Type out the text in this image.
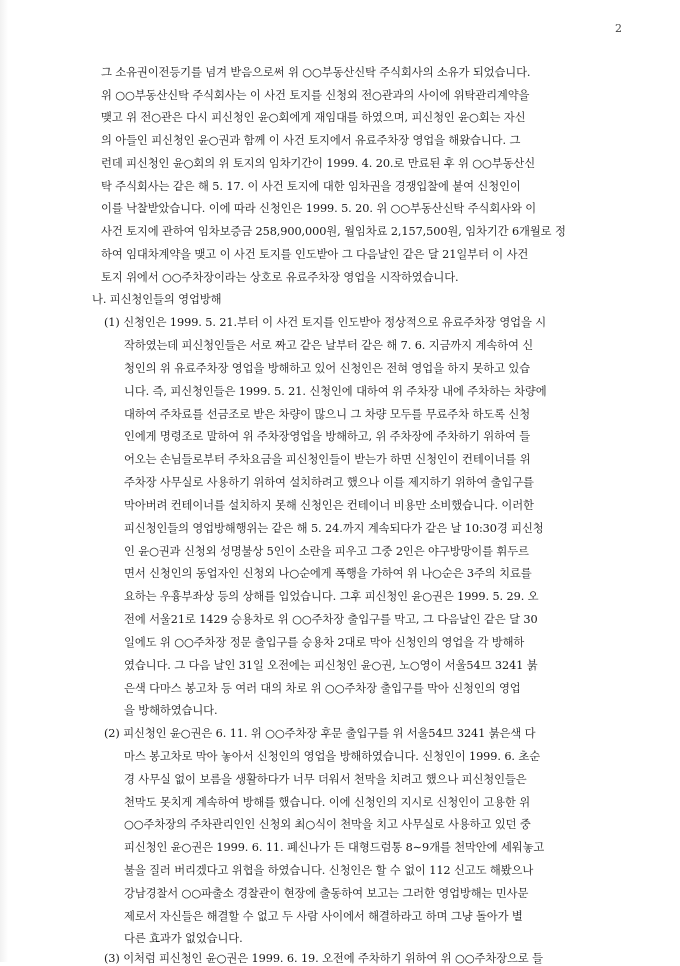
2
그 소유권이전등기를 넘겨 받음으로써 위 ○○부동산신탁 주식회사의 소유가 되었습니다.
위 ○○부동산신탁 주식회사는 이 사건 토지를 신청외 전○관과의 사이에 위탁관리계약을
맺고 위 전○관은 다시 피신청인 윤○회에게 재임대를 하였으며, 피신청인 윤○회는 자신
의 아들인 피신청인 윤○권과 함께 이 사건 토지에서 유료주차장 영업을 해왔습니다. 그
런데 피신청인 윤○회의 위 토지의 임차기간이 1999. 4. 20.로 만료된 후 위 ○○부동산신
탁 주식회사는 같은 해 5. 17. 이 사건 토지에 대한 임차권을 경쟁입찰에 붙여 신청인이
이를 낙찰받았습니다. 이에 따라 신청인은 1999. 5. 20. 위 ○○부동산신탁 주식회사와 이
사건 토지에 관하여 임차보증금 258,900,000원, 월임차료 2,157,500원, 임차기간 6개월로 정
하여 임대차계약을 맺고 이 사건 토지를 인도받아 그 다음날인 같은 달 21일부터 이 사건
토지 위에서 ○○주차장이라는 상호로 유료주차장 영업을 시작하였습니다.
나. 피신청인들의 영업방해
(1) 신청인은 1999. 5. 21.부터 이 사건 토지를 인도받아 정상적으로 유료주차장 영업을 시
작하였는데 피신청인들은 서로 짜고 같은 날부터 같은 해 7. 6. 지금까지 계속하여 신
청인의 위 유료주차장 영업을 방해하고 있어 신청인은 전혀 영업을 하지 못하고 있습
니다. 즉, 피신청인들은 1999. 5. 21. 신청인에 대하여 위 주차장 내에 주차하는 차량에
대하여 주차료를 선금조로 받은 차량이 많으니 그 차량 모두를 무료주차 하도록 신청
인에게 명령조로 말하여 위 주차장영업을 방해하고, 위 주차장에 주차하기 위하여 들
어오는 손님들로부터 주차요금을 피신청인들이 받는가 하면 신청인이 컨테이너를 위
주차장 사무실로 사용하기 위하여 설치하려고 했으나 이를 제지하기 위하여 출입구를
막아버려 컨테이너를 설치하지 못해 신청인은 컨테이너 비용만 소비했습니다. 이러한
피신청인들의 영업방해행위는 같은 해 5. 24.까지 계속되다가 같은 날 10:30경 피신청
인 윤○권과 신청외 성명불상 5인이 소란을 피우고 그중 2인은 야구방망이를 휘두르
면서 신청인의 동업자인 신청외 나○순에게 폭행을 가하여 위 나○순은 3주의 치료를
요하는 우흉부좌상 등의 상해를 입었습니다. 그후 피신청인 윤○권은 1999. 5. 29. 오
전에 서울21로 1429 승용차로 위 ○○주차장 출입구를 막고, 그 다음날인 같은 달 30
일에도 위 ○○주차장 정문 출입구를 승용차 2대로 막아 신청인의 영업을 각 방해하
였습니다. 그 다음 날인 31일 오전에는 피신청인 윤○권, 노○영이 서울54므 3241 붉
은색 다마스 봉고차 등 여러 대의 차로 위 ○○주차장 출입구를 막아 신청인의 영업
을 방해하였습니다.
(2) 피신청인 윤○권은 6. 11. 위 ○○주차장 후문 출입구를 위 서울54므 3241 붉은색 다
마스 봉고차로 막아 놓아서 신청인의 영업을 방해하였습니다. 신청인이 1999. 6. 초순
경 사무실 없이 보름을 생활하다가 너무 더워서 천막을 치려고 했으나 피신청인들은
천막도 못치게 계속하여 방해를 했습니다. 이에 신청인의 지시로 신청인이 고용한 위
○○주차장의 주차관리인인 신청외 최○식이 천막을 치고 사무실로 사용하고 있던 중
피신청인 윤○권은 1999. 6. 11. 폐신나가 든 대형드럼통 8∼9개를 천막안에 세워놓고
불을 질러 버리겠다고 위협을 하였습니다. 신청인은 할 수 없이 112 신고도 해봤으나
강남경찰서 ○○파출소 경찰관이 현장에 출동하여 보고는 그러한 영업방해는 민사문
제로서 자신들은 해결할 수 없고 두 사람 사이에서 해결하라고 하며 그냥 돌아가 별
다른 효과가 없었습니다.
(3) 이처럼 피신청인 윤○권은 1999. 6. 19. 오전에 주차하기 위하여 위 ○○주차장으로 들
